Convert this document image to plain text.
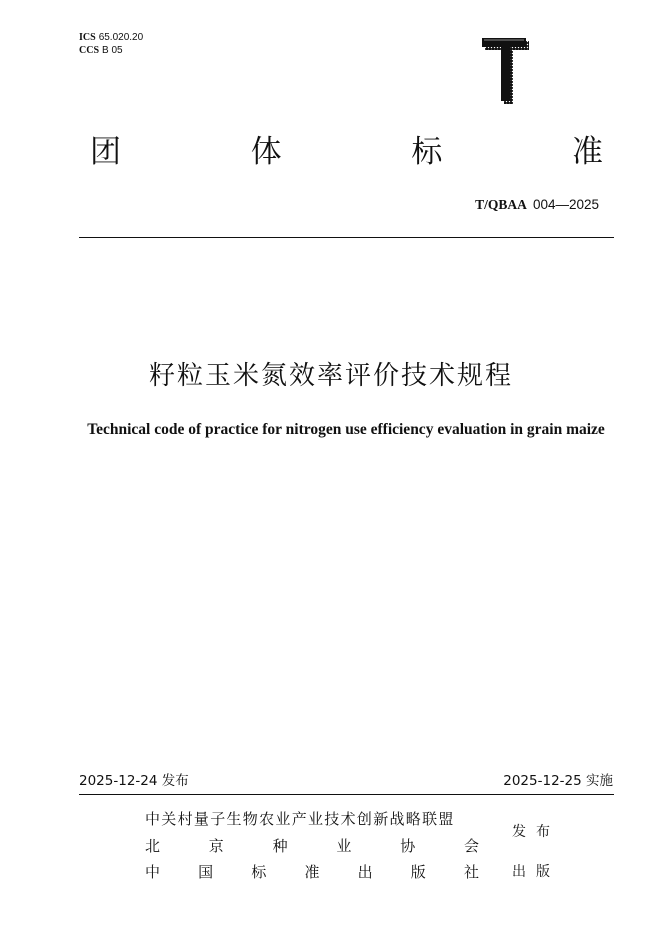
ICS 65.020.20
CCS B 05
团	体	标	准
T/QBAA 004—2025
籽粒玉米氮效率评价技术规程
Technical code of practice for nitrogen use efficiency evaluation in grain maize
2025-12-24 发布	2025-12-25 实施
中关村量子生物农业产业技术创新战略联盟
北	京	种	业	协	会
中	国	标	准	出	版	社
发 布
出 版
